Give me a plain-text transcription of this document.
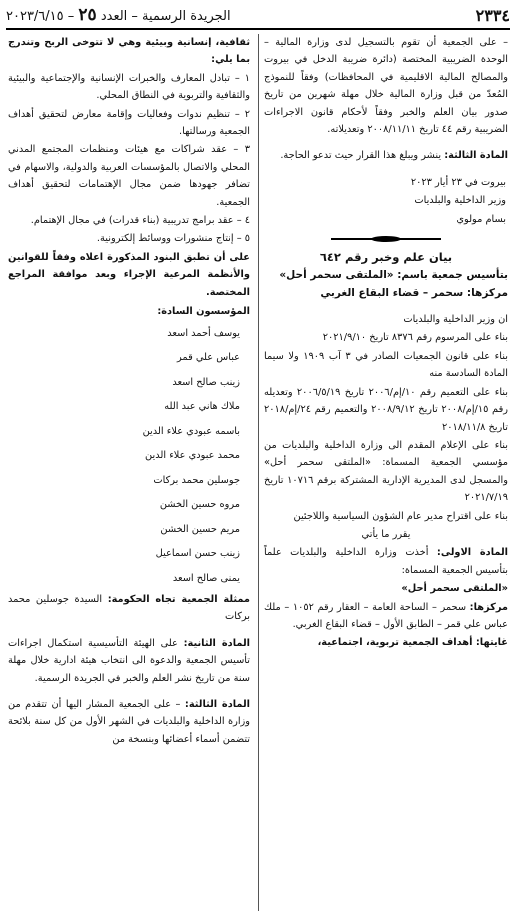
٢٣٣٤
الجريدة الرسمية – العدد ٢٥ – ٢٠٢٣/٦/١٥

– على الجمعية أن تقوم بالتسجيل لدى وزارة المالية – الوحدة الضريبية المختصة (دائرة ضريبة الدخل في بيروت والمصالح المالية الاقليمية في المحافظات) وفقاً للنموذج المُعدّ من قبل وزارة المالية خلال مهلة شهرين من تاريخ صدور بيان العلم والخبر وفقاً لأحكام قانون الاجراءات الضريبية رقم ٤٤ تاريخ ٢٠٠٨/١١/١١ وتعديلاته.

المادة الثالثة: ينشر ويبلغ هذا القرار حيث تدعو الحاجة.

بيروت في ٢٣ أيار ٢٠٢٣

وزير الداخلية والبلديات

بسام مولوي

بيان علم وخبر رقم ٦٤٢

بتأسيس جمعية باسم: «الملتقى سحمر أحل»

مركزها: سحمر – قضاء البقاع الغربي

ان وزير الداخلية والبلديات

بناء على المرسوم رقم ٨٣٧٦ تاريخ ٢٠٢١/٩/١٠

بناء على قانون الجمعيات الصادر في ٣ آب ١٩٠٩ ولا سيما المادة السادسة منه

بناء على التعميم رقم ١٠/إم/٢٠٠٦ تاريخ ٢٠٠٦/٥/١٩ وتعديله رقم ١٥/إم/٢٠٠٨ تاريخ ٢٠٠٨/٩/١٢ والتعميم رقم ٢٤/إم/٢٠١٨ تاريخ ٢٠١٨/١١/٨

بناء على الإعلام المقدم الى وزارة الداخلية والبلديات من مؤسسي الجمعية المسماة: «الملتقى سحمر أحل» والمسجل لدى المديرية الإدارية المشتركة برقم ١٠٧١٦ تاريخ ٢٠٢١/٧/١٩

بناء على اقتراح مدير عام الشؤون السياسية واللاجئين

يقرر ما يأتي

المادة الاولى: أخذت وزارة الداخلية والبلديات علماً بتأسيس الجمعية المسماة:

«الملتقى سحمر أحل»

مركزها: سحمر – الساحة العامة – العقار رقم ١٠٥٢ – ملك عباس علي قمر – الطابق الأول – قضاء البقاع الغربي.

غايتها: أهداف الجمعية تربوية، اجتماعية،

ثقافية، إنسانية وبيئية وهي لا تتوخى الربح وتندرج بما يلي:

١ – تبادل المعارف والخبرات الإنسانية والإجتماعية والبيئية والثقافية والتربوية في النطاق المحلي.

٢ – تنظيم ندوات وفعاليات وإقامة معارض لتحقيق أهداف الجمعية ورسالتها.

٣ – عقد شراكات مع هيئات ومنظمات المجتمع المدني المحلي والاتصال بالمؤسسات العربية والدولية، والاسهام في تضافر جهودها ضمن مجال الإهتمامات لتحقيق أهداف الجمعية.

٤ – عقد برامج تدريبية (بناء قدرات) في مجال الإهتمام.

٥ – إنتاج منشورات ووسائط إلكترونية.

على أن تطبق البنود المذكورة اعلاه وفقاً للقوانين والأنظمة المرعية الإجراء وبعد موافقة المراجع المختصة.

المؤسسون السادة:

يوسف أحمد اسعد

عباس علي قمر

زينب صالح اسعد

ملاك هاني عبد الله

باسمه عبودي علاء الدين

محمد عبودي علاء الدين

جوسلين محمد بركات

مروه حسين الخشن

مريم حسين الخشن

زينب حسن اسماعيل

يمنى صالح اسعد

ممثلة الجمعية تجاه الحكومة: السيدة جوسلين محمد بركات

المادة الثانية: على الهيئة التأسيسية استكمال اجراءات تأسيس الجمعية والدعوة الى انتخاب هيئة ادارية خلال مهلة سنة من تاريخ نشر العلم والخبر في الجريدة الرسمية.

المادة الثالثة: – على الجمعية المشار اليها أن تتقدم من وزارة الداخلية والبلديات في الشهر الأول من كل سنة بلائحة تتضمن أسماء أعضائها وبنسخة من
